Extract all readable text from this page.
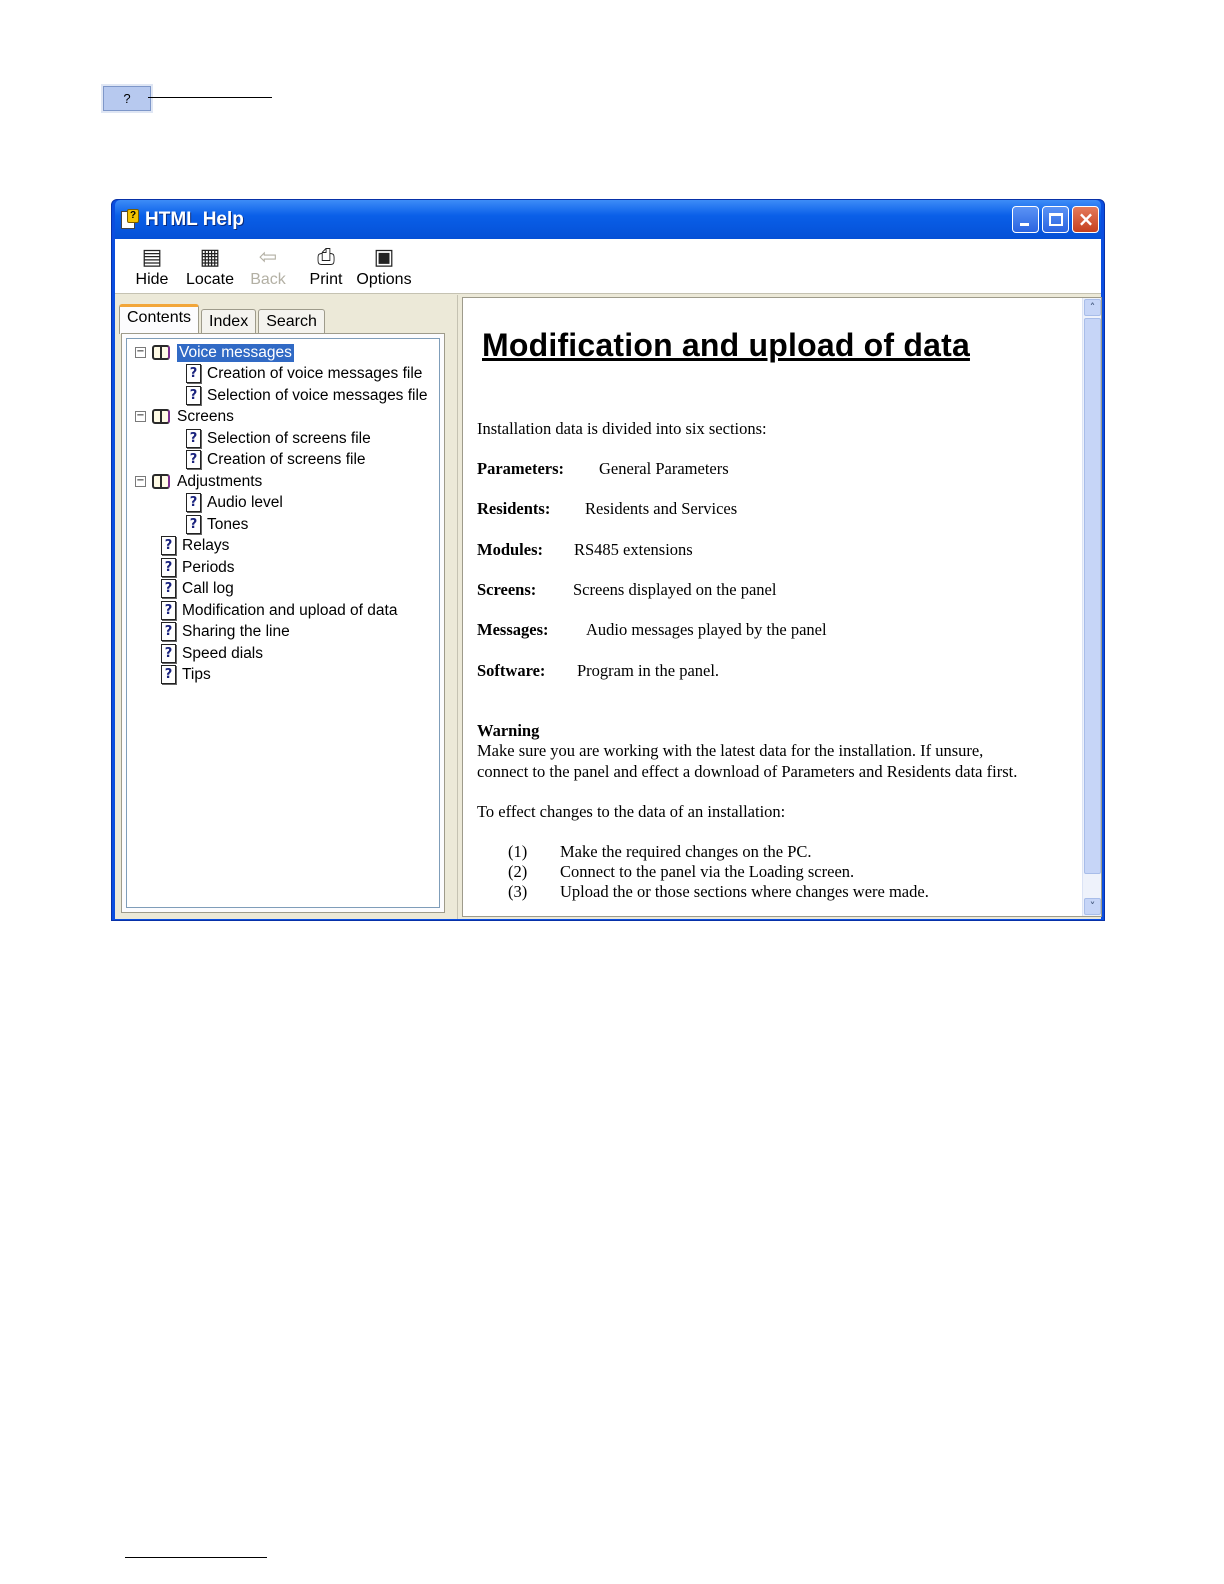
?
? HTML Help	×
▤
Hide
▦
Locate
⇦
Back
⎙
Print
▣
Options
Contents	Index	Search
− Voice messages
? Creation of voice messages file
? Selection of voice messages file
− Screens
? Selection of screens file
? Creation of screens file
− Adjustments
? Audio level
? Tones
? Relays
? Periods
? Call log
? Modification and upload of data
? Sharing the line
? Speed dials
? Tips
Modification and upload of data
Installation data is divided into six sections:
Parameters: General Parameters
Residents: Residents and Services
Modules: RS485 extensions
Screens: Screens displayed on the panel
Messages: Audio messages played by the panel
Software: Program in the panel.
Warning
Make sure you are working with the latest data for the installation. If unsure,
connect to the panel and effect a download of Parameters and Residents data first.
To effect changes to the data of an installation:
(1) Make the required changes on the PC.
(2) Connect to the panel via the Loading screen.
(3) Upload the or those sections where changes were made.
˄
˅
